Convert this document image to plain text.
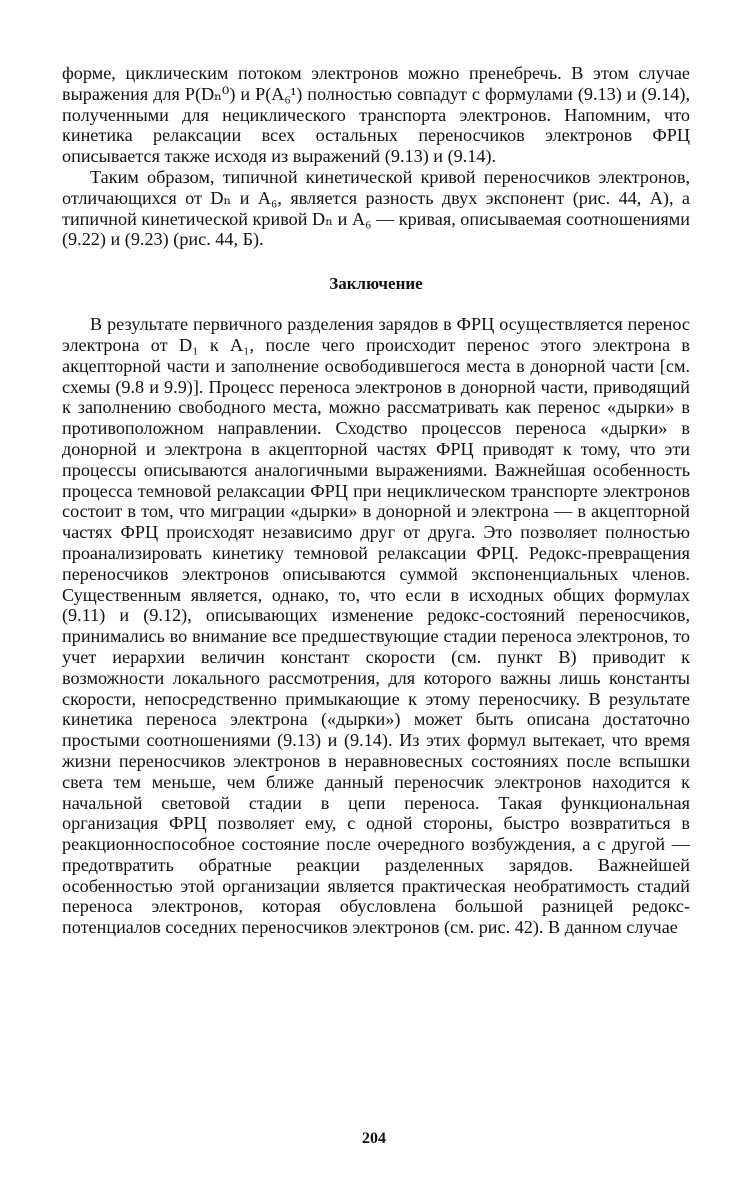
форме, циклическим потоком электронов можно пренебречь. В этом случае выражения для P(Dₙ⁰) и P(A₆¹) полностью совпадут с формулами (9.13) и (9.14), полученными для нециклического транспорта электронов. Напомним, что кинетика релаксации всех остальных переносчиков электронов ФРЦ описывается также исходя из выражений (9.13) и (9.14).

Таким образом, типичной кинетической кривой переносчиков электронов, отличающихся от Dₙ и A₆, является разность двух экспонент (рис. 44, А), а типичной кинетической кривой Dₙ и A₆ — кривая, описываемая соотношениями (9.22) и (9.23) (рис. 44, Б).

Заключение

В результате первичного разделения зарядов в ФРЦ осуществляется перенос электрона от D₁ к A₁, после чего происходит перенос этого электрона в акцепторной части и заполнение освободившегося места в донорной части [см. схемы (9.8 и 9.9)]. Процесс переноса электронов в донорной части, приводящий к заполнению свободного места, можно рассматривать как перенос «дырки» в противоположном направлении. Сходство процессов переноса «дырки» в донорной и электрона в акцепторной частях ФРЦ приводят к тому, что эти процессы описываются аналогичными выражениями. Важнейшая особенность процесса темновой релаксации ФРЦ при нециклическом транспорте электронов состоит в том, что миграции «дырки» в донорной и электрона — в акцепторной частях ФРЦ происходят независимо друг от друга. Это позволяет полностью проанализировать кинетику темновой релаксации ФРЦ. Редокс-превращения переносчиков электронов описываются суммой экспоненциальных членов. Существенным является, однако, то, что если в исходных общих формулах (9.11) и (9.12), описывающих изменение редокс-состояний переносчиков, принимались во внимание все предшествующие стадии переноса электронов, то учет иерархии величин констант скорости (см. пункт В) приводит к возможности локального рассмотрения, для которого важны лишь константы скорости, непосредственно примыкающие к этому переносчику. В результате кинетика переноса электрона («дырки») может быть описана достаточно простыми соотношениями (9.13) и (9.14). Из этих формул вытекает, что время жизни переносчиков электронов в неравновесных состояниях после вспышки света тем меньше, чем ближе данный переносчик электронов находится к начальной световой стадии в цепи переноса. Такая функциональная организация ФРЦ позволяет ему, с одной стороны, быстро возвратиться в реакционноспособное состояние после очередного возбуждения, а с другой — предотвратить обратные реакции разделенных зарядов. Важнейшей особенностью этой организации является практическая необратимость стадий переноса электронов, которая обусловлена большой разницей редокс-потенциалов соседних переносчиков электронов (см. рис. 42). В данном случае

204
